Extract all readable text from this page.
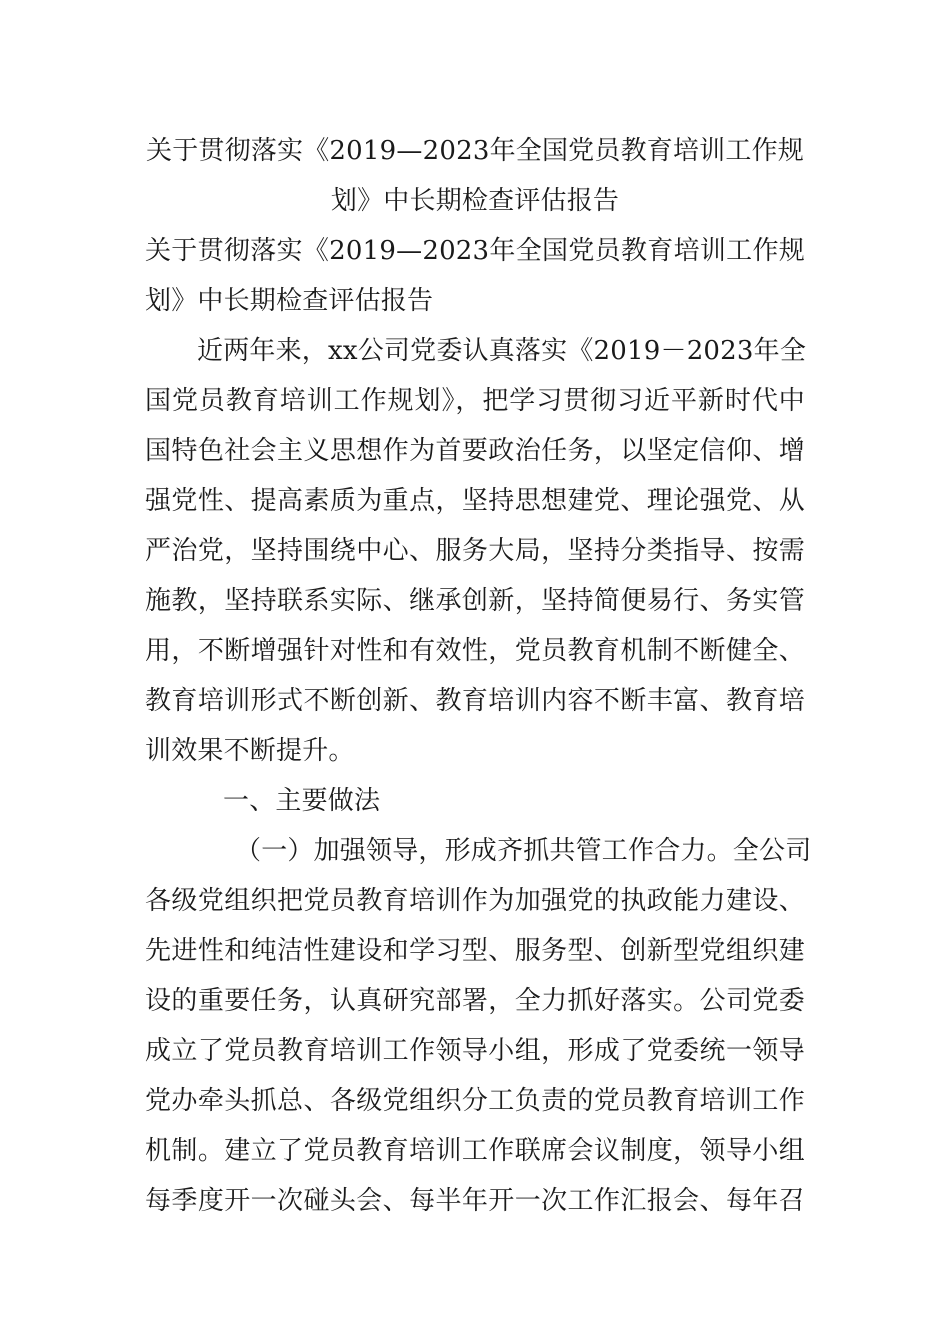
关于贯彻落实《2019—2023年全国党员教育培训工作规
划》中长期检查评估报告

关于贯彻落实《2019—2023年全国党员教育培训工作规
划》中长期检查评估报告

近两年来，xx公司党委认真落实《2019－2023年全
国党员教育培训工作规划》，把学习贯彻习近平新时代中
国特色社会主义思想作为首要政治任务，以坚定信仰、增
强党性、提高素质为重点，坚持思想建党、理论强党、从
严治党，坚持围绕中心、服务大局，坚持分类指导、按需
施教，坚持联系实际、继承创新，坚持简便易行、务实管
用，不断增强针对性和有效性，党员教育机制不断健全、
教育培训形式不断创新、教育培训内容不断丰富、教育培
训效果不断提升。

一、主要做法

（一）加强领导，形成齐抓共管工作合力。全公司
各级党组织把党员教育培训作为加强党的执政能力建设、
先进性和纯洁性建设和学习型、服务型、创新型党组织建
设的重要任务，认真研究部署，全力抓好落实。公司党委
成立了党员教育培训工作领导小组，形成了党委统一领导
党办牵头抓总、各级党组织分工负责的党员教育培训工作
机制。建立了党员教育培训工作联席会议制度，领导小组
每季度开一次碰头会、每半年开一次工作汇报会、每年召
